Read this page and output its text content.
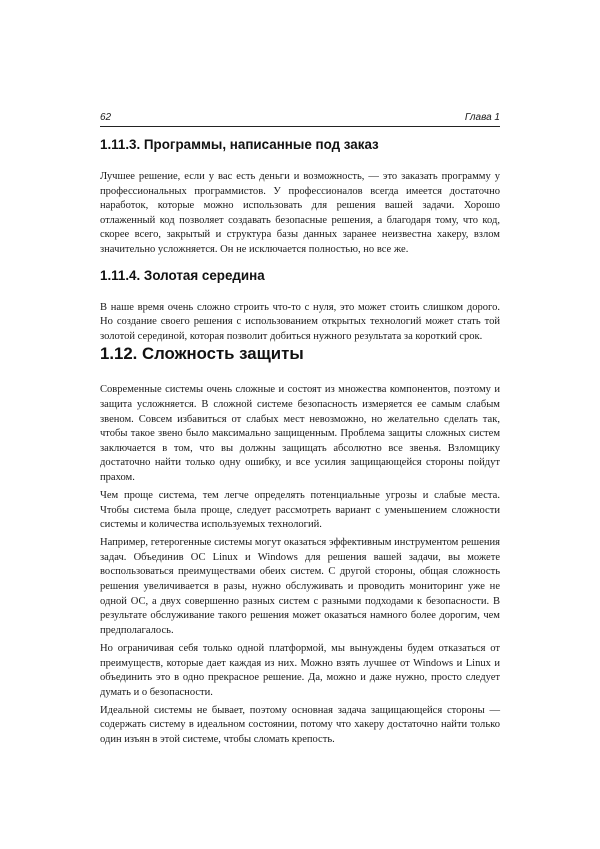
62	Глава 1
1.11.3. Программы, написанные под заказ

Лучшее решение, если у вас есть деньги и возможность, — это заказать программу у профессиональных программистов. У профессионалов всегда имеется достаточно наработок, которые можно использовать для решения вашей задачи. Хорошо отлаженный код позволяет создавать безопасные решения, а благодаря тому, что код, скорее всего, закрытый и структура базы данных заранее неизвестна хакеру, взлом значительно усложняется. Он не исключается полностью, но все же.

1.11.4. Золотая середина

В наше время очень сложно строить что-то с нуля, это может стоить слишком дорого. Но создание своего решения с использованием открытых технологий может стать той золотой серединой, которая позволит добиться нужного результата за короткий срок.

1.12. Сложность защиты

Современные системы очень сложные и состоят из множества компонентов, поэтому и защита усложняется. В сложной системе безопасность измеряется ее самым слабым звеном. Совсем избавиться от слабых мест невозможно, но желательно сделать так, чтобы такое звено было максимально защищенным. Проблема защиты сложных систем заключается в том, что вы должны защищать абсолютно все звенья. Взломщику достаточно найти только одну ошибку, и все усилия защищающейся стороны пойдут прахом.

Чем проще система, тем легче определять потенциальные угрозы и слабые места. Чтобы система была проще, следует рассмотреть вариант с уменьшением сложности системы и количества используемых технологий.

Например, гетерогенные системы могут оказаться эффективным инструментом решения задач. Объединив ОС Linux и Windows для решения вашей задачи, вы можете воспользоваться преимуществами обеих систем. С другой стороны, общая сложность решения увеличивается в разы, нужно обслуживать и проводить мониторинг уже не одной ОС, а двух совершенно разных систем с разными подходами к безопасности. В результате обслуживание такого решения может оказаться намного более дорогим, чем предполагалось.

Но ограничивая себя только одной платформой, мы вынуждены будем отказаться от преимуществ, которые дает каждая из них. Можно взять лучшее от Windows и Linux и объединить это в одно прекрасное решение. Да, можно и даже нужно, просто следует думать и о безопасности.

Идеальной системы не бывает, поэтому основная задача защищающейся стороны — содержать систему в идеальном состоянии, потому что хакеру достаточно найти только один изъян в этой системе, чтобы сломать крепость.
